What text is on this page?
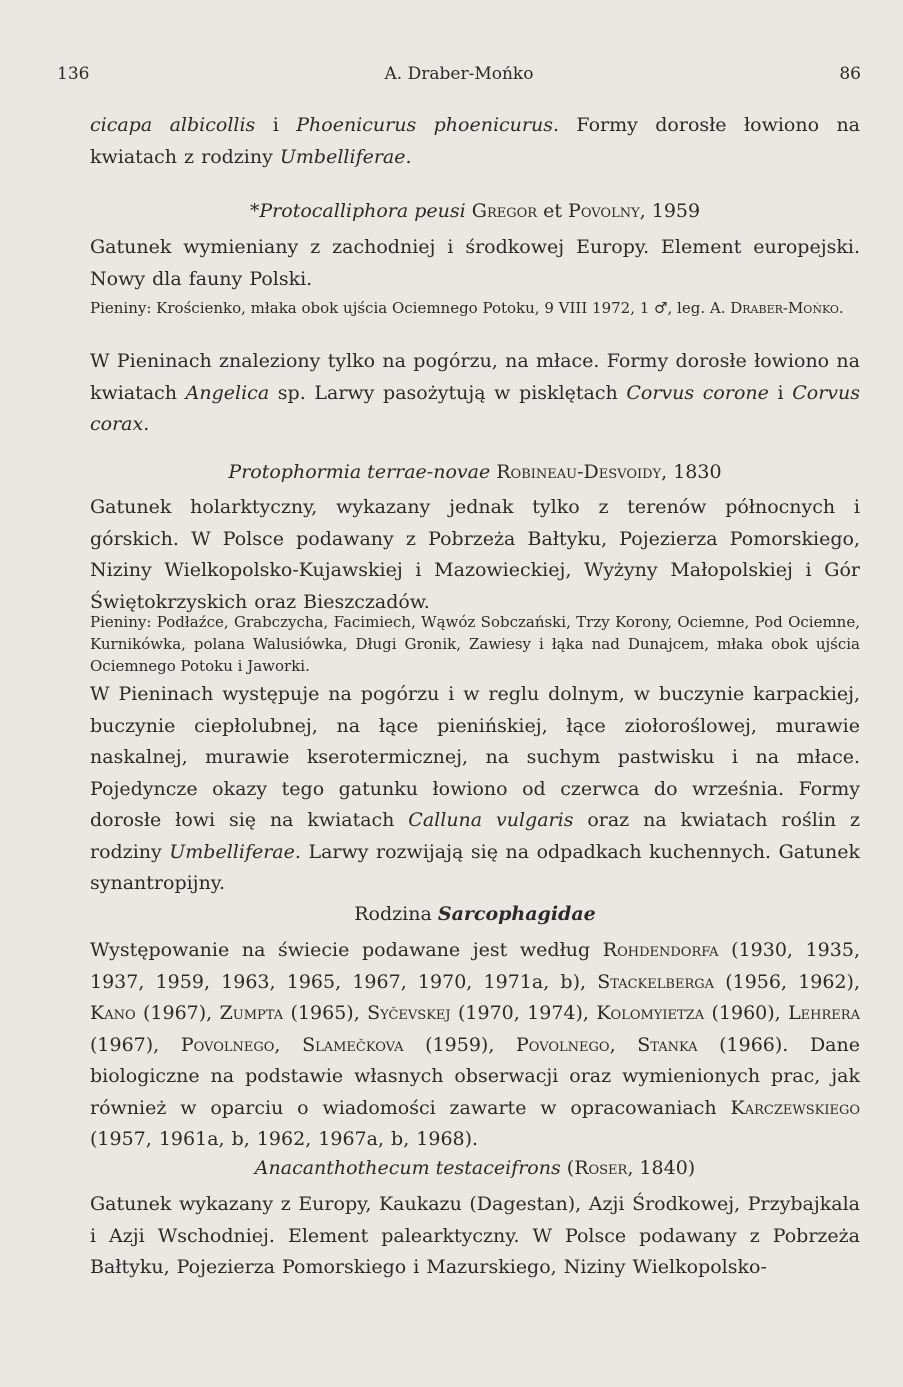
136	A. Draber-Mońko	86

cicapa albicollis i Phoenicurus phoenicurus. Formy dorosłe łowiono na kwiatach z rodziny Umbelliferae.

*Protocalliphora peusi Gregor et Povolny, 1959

Gatunek wymieniany z zachodniej i środkowej Europy. Element europejski. Nowy dla fauny Polski.

Pieniny: Krościenko, młaka obok ujścia Ociemnego Potoku, 9 VIII 1972, 1 ♂, leg. A. Draber-Mońko.

W Pieninach znaleziony tylko na pogórzu, na młace. Formy dorosłe łowiono na kwiatach Angelica sp. Larwy pasożytują w pisklętach Corvus corone i Corvus corax.

Protophormia terrae-novae Robineau-Desvoidy, 1830

Gatunek holarktyczny, wykazany jednak tylko z terenów północnych i górskich. W Polsce podawany z Pobrzeża Bałtyku, Pojezierza Pomorskiego, Niziny Wielkopolsko-Kujawskiej i Mazowieckiej, Wyżyny Małopolskiej i Gór Świętokrzyskich oraz Bieszczadów.

Pieniny: Podłaźce, Grabczycha, Facimiech, Wąwóz Sobczański, Trzy Korony, Ociemne, Pod Ociemne, Kurnikówka, polana Walusiówka, Długi Gronik, Zawiesy i łąka nad Dunajcem, młaka obok ujścia Ociemnego Potoku i Jaworki.

W Pieninach występuje na pogórzu i w reglu dolnym, w buczynie karpackiej, buczynie ciepłolubnej, na łące pienińskiej, łące ziołoroślowej, murawie naskalnej, murawie kserotermicznej, na suchym pastwisku i na młace. Pojedyncze okazy tego gatunku łowiono od czerwca do września. Formy dorosłe łowi się na kwiatach Calluna vulgaris oraz na kwiatach roślin z rodziny Umbelliferae. Larwy rozwijają się na odpadkach kuchennych. Gatunek synantropijny.

Rodzina Sarcophagidae

Występowanie na świecie podawane jest według Rohdendorfa (1930, 1935, 1937, 1959, 1963, 1965, 1967, 1970, 1971a, b), Stackelberga (1956, 1962), Kano (1967), Zumpta (1965), Syčevskej (1970, 1974), Kolomyietza (1960), Lehrera (1967), Povolnego, Slamečkova (1959), Povolnego, Stanka (1966). Dane biologiczne na podstawie własnych obserwacji oraz wymienionych prac, jak również w oparciu o wiadomości zawarte w opracowaniach Karczewskiego (1957, 1961a, b, 1962, 1967a, b, 1968).

Anacanthothecum testaceifrons (Roser, 1840)

Gatunek wykazany z Europy, Kaukazu (Dagestan), Azji Środkowej, Przybajkala i Azji Wschodniej. Element palearktyczny. W Polsce podawany z Pobrzeża Bałtyku, Pojezierza Pomorskiego i Mazurskiego, Niziny Wielkopolsko-
